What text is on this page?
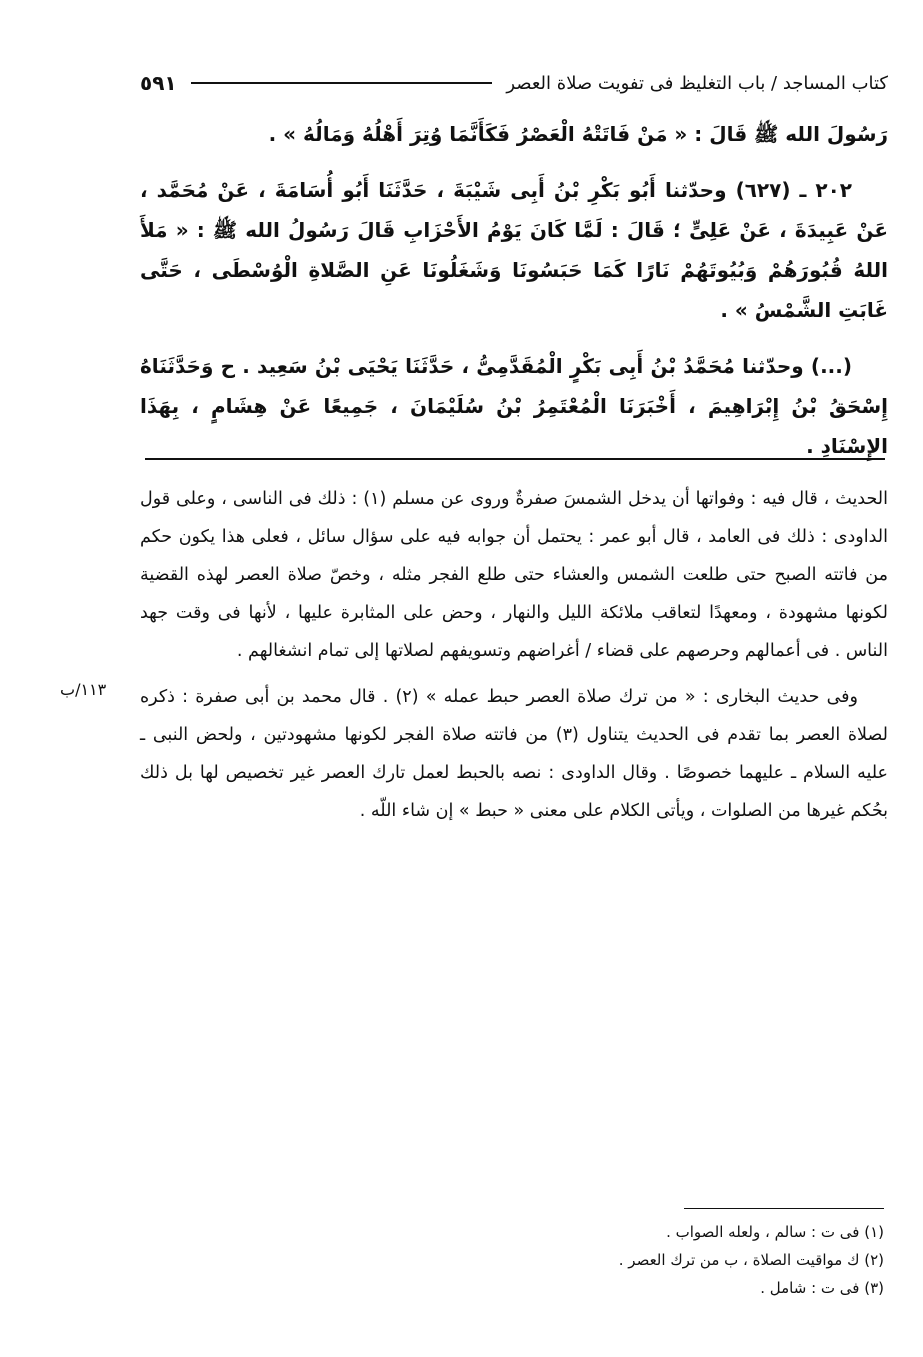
كتاب المساجد / باب التغليظ فى تفويت صلاة العصر
٥٩١

رَسُولَ الله ﷺ قَالَ : « مَنْ فَاتَتْهُ الْعَصْرُ فَكَأَنَّمَا وُتِرَ أَهْلُهُ وَمَالُهُ » .

٢٠٢ ـ (٦٢٧) وحدّثنا أَبُو بَكْرِ بْنُ أَبِى شَيْبَةَ ، حَدَّثَنَا أَبُو أُسَامَةَ ، عَنْ مُحَمَّد ، عَنْ عَبِيدَةَ ، عَنْ عَلِىٍّ ؛ قَالَ : لَمَّا كَانَ يَوْمُ الأَحْزَابِ قَالَ رَسُولُ الله ﷺ : « مَلأَ اللهُ قُبُورَهُمْ وَبُيُوتَهُمْ نَارًا كَمَا حَبَسُونَا وَشَغَلُونَا عَنِ الصَّلاةِ الْوُسْطَى ، حَتَّى غَابَتِ الشَّمْسُ » .

(...) وحدّثنا مُحَمَّدُ بْنُ أَبِى بَكْرٍ الْمُقَدَّمِىُّ ، حَدَّثَنَا يَحْيَى بْنُ سَعِيد . ح وَحَدَّثَنَاهُ إِسْحَقُ بْنُ إِبْرَاهِيمَ ، أَخْبَرَنَا الْمُعْتَمِرُ بْنُ سُلَيْمَانَ ، جَمِيعًا عَنْ هِشَامٍ ، بِهَذَا الإِسْنَادِ .

الحديث ، قال فيه : وفواتها أن يدخل الشمسَ صفرةٌ وروى عن مسلم (١) : ذلك فى الناسى ، وعلى قول الداودى : ذلك فى العامد ، قال أبو عمر : يحتمل أن جوابه فيه على سؤال سائل ، فعلى هذا يكون حكم من فاتته الصبح حتى طلعت الشمس والعشاء حتى طلع الفجر مثله ، وخصّ صلاة العصر لهذه القضية لكونها مشهودة ، ومعهدًا لتعاقب ملائكة الليل والنهار ، وحض على المثابرة عليها ، لأنها فى وقت جهد الناس . فى أعمالهم وحرصهم على قضاء / أغراضهم وتسويفهم لصلاتها إلى تمام انشغالهم .

وفى حديث البخارى : « من ترك صلاة العصر حبط عمله » (٢) . قال محمد بن أبى صفرة : ذكره لصلاة العصر بما تقدم فى الحديث يتناول (٣) من فاتته صلاة الفجر لكونها مشهودتين ، ولحض النبى ـ عليه السلام ـ عليهما خصوصًا . وقال الداودى : نصه بالحبط لعمل تارك العصر غير تخصيص لها بل ذلك بحُكم غيرها من الصلوات ، ويأتى الكلام على معنى « حبط » إن شاء اللّه .

١١٣/ب
(١) فى ت : سالم ، ولعله الصواب .
(٢) ك مواقيت الصلاة ، ب من ترك العصر .
(٣) فى ت : شامل .
